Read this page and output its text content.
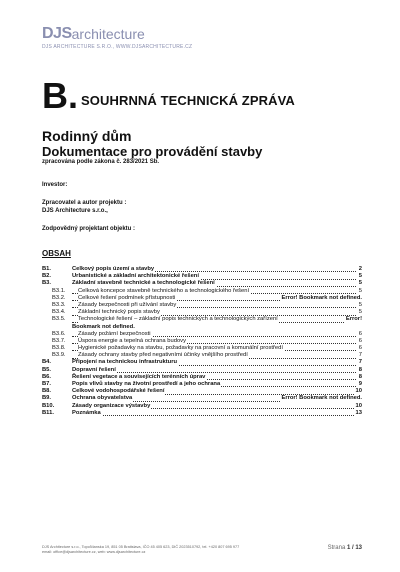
DJSarchitecture
DJS ARCHITECTURE S.R.O., WWW.DJSARCHITECTURE.CZ
B. SOUHRNNÁ TECHNICKÁ ZPRÁVA
Rodinný dům
Dokumentace pro provádění stavby
zpracována podle zákona č. 283/2021 Sb.
Investor:
Zpracovatel a autor projektu :
DJS Architecture s.r.o.,
Zodpovědný projektant objektu :
OBSAH
B1.	Celkový popis území a stavby	2
B2.	Urbanistické a základní architektonické řešení	5
B3.	Základní stavebně technické a technologické řešení	5
B3.1. Celková koncepce stavebně technického a technologického řešení	5
B3.2. Celkové řešení podmínek přístupnosti	Error! Bookmark not defined.
B3.3. Zásady bezpečnosti při užívání stavby	5
B3.4. Základní technický popis stavby	5
B3.5. Technologické řešení – základní popis technických a technologických zařízení	Error!
Bookmark not defined.
B3.6. Zásady požární bezpečnosti	6
B3.7. Úspora energie a tepelná ochrana budovy	6
B3.8. Hygienické požadavky na stavbu, požadavky na pracovní a komunální prostředí	6
B3.9. Zásady ochrany stavby před negativními účinky vnějšího prostředí	7
B4.	Připojení na technickou infrastrukturu	7
B5.	Dopravní řešení	8
B6.	Řešení vegetace a souvisejících terénních úprav	8
B7.	Popis vlivů stavby na životní prostředí a jeho ochrana	9
B8.	Celkové vodohospodářské řešení	10
B9.	Ochrana obyvatelstva	Error! Bookmark not defined.
B10.	Zásady organizace výstavby	10
B11.	Poznámka	13
DJS Architecture s.r.o., Topoľčianska 19, 851 05 Bratislava, IČO 45 405 623, DIČ 2023510792, tel. +420 807 695 977
email: office@djsarchitecture.cz, web: www.djsarchitecture.cz
Strana 1 / 13
